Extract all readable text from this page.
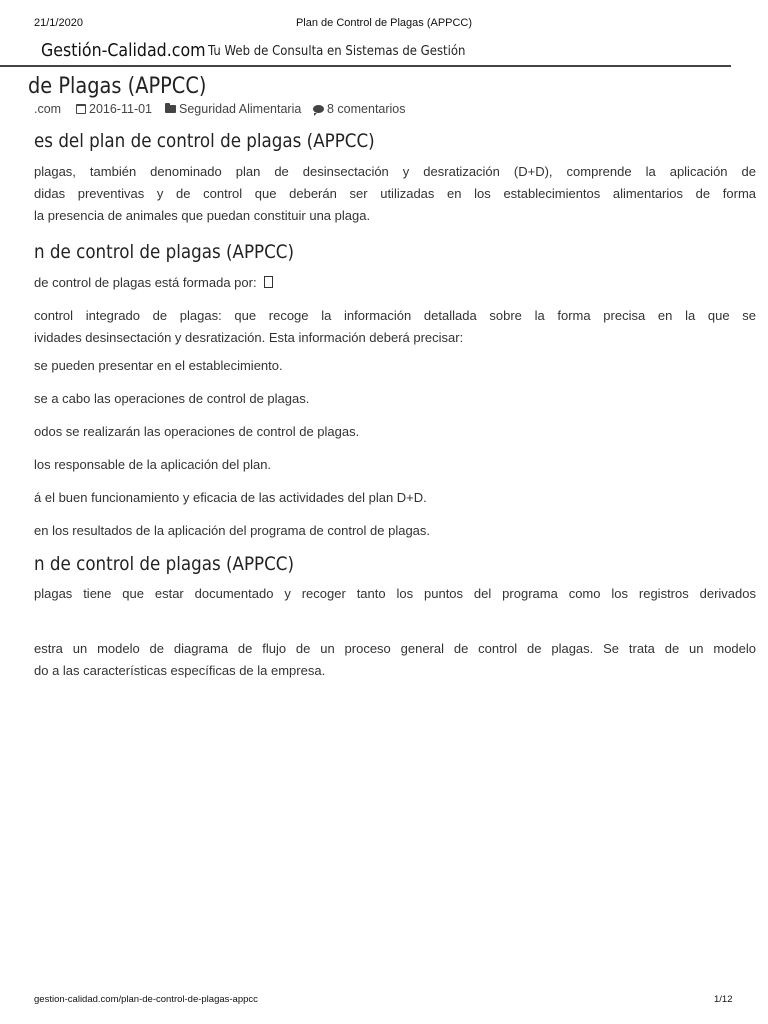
21/1/2020	Plan de Control de Plagas (APPCC)
Gestión-Calidad.com Tu Web de Consulta en Sistemas de Gestión
de Plagas (APPCC)
.com 2016-11-01 Seguridad Alimentaria 8 comentarios
es del plan de control de plagas (APPCC)
plagas, también denominado plan de desinsectación y desratización (D+D), comprende la aplicación de
didas preventivas y de control que deberán ser utilizadas en los establecimientos alimentarios de forma
la presencia de animales que puedan constituir una plaga.
n de control de plagas (APPCC)
de control de plagas está formada por:
control integrado de plagas: que recoge la información detallada sobre la forma precisa en la que se
ividades desinsectación y desratización. Esta información deberá precisar:
se pueden presentar en el establecimiento.
se a cabo las operaciones de control de plagas.
odos se realizarán las operaciones de control de plagas.
los responsable de la aplicación del plan.
á el buen funcionamiento y eficacia de las actividades del plan D+D.
en los resultados de la aplicación del programa de control de plagas.
n de control de plagas (APPCC)
plagas tiene que estar documentado y recoger tanto los puntos del programa como los registros derivados
estra un modelo de diagrama de flujo de un proceso general de control de plagas. Se trata de un modelo
do a las características específicas de la empresa.
gestion-calidad.com/plan-de-control-de-plagas-appcc	1/12
